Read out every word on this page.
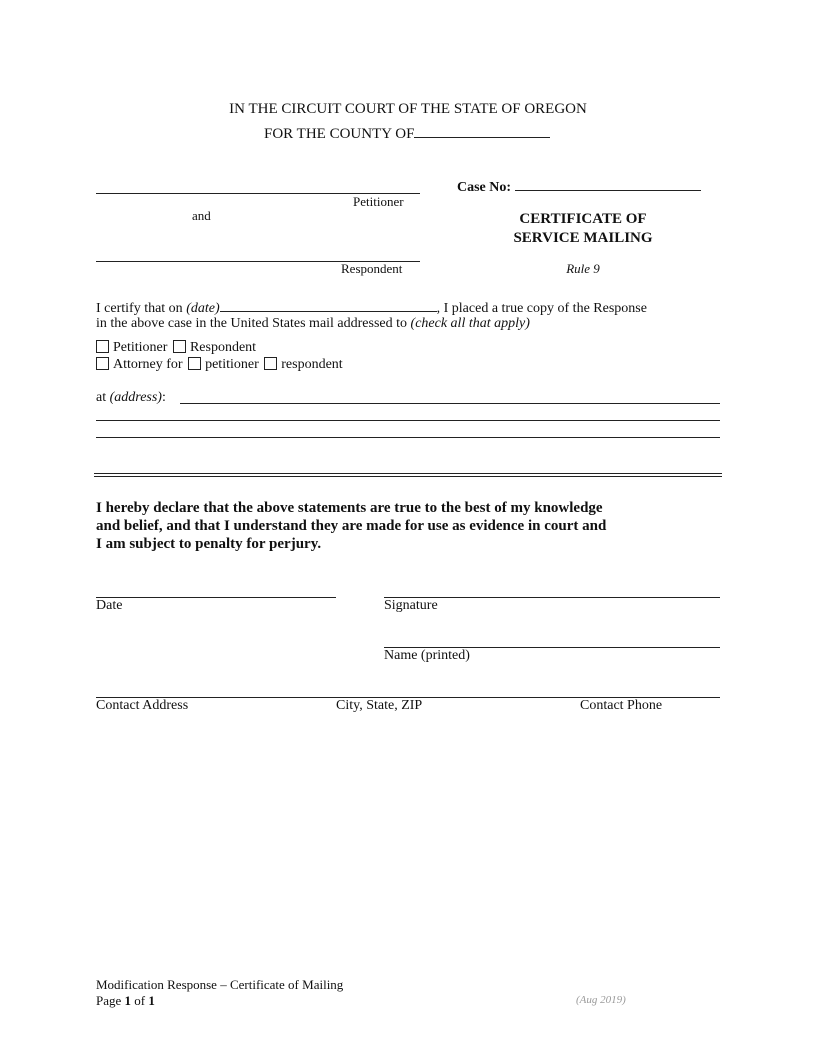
IN THE CIRCUIT COURT OF THE STATE OF OREGON
FOR THE COUNTY OF
Petitioner
and
Respondent
Case No:
CERTIFICATE OF
SERVICE MAILING
Rule 9
I certify that on (date)	, I placed a true copy of the Response
in the above case in the United States mail addressed to (check all that apply)
Petitioner Respondent
Attorney for petitioner respondent
at (address):
I hereby declare that the above statements are true to the best of my knowledge
and belief, and that I understand they are made for use as evidence in court and
I am subject to penalty for perjury.
Date	Signature
Name (printed)
Contact Address	City, State, ZIP	Contact Phone
Modification Response – Certificate of Mailing
Page 1 of 1	(Aug 2019)
